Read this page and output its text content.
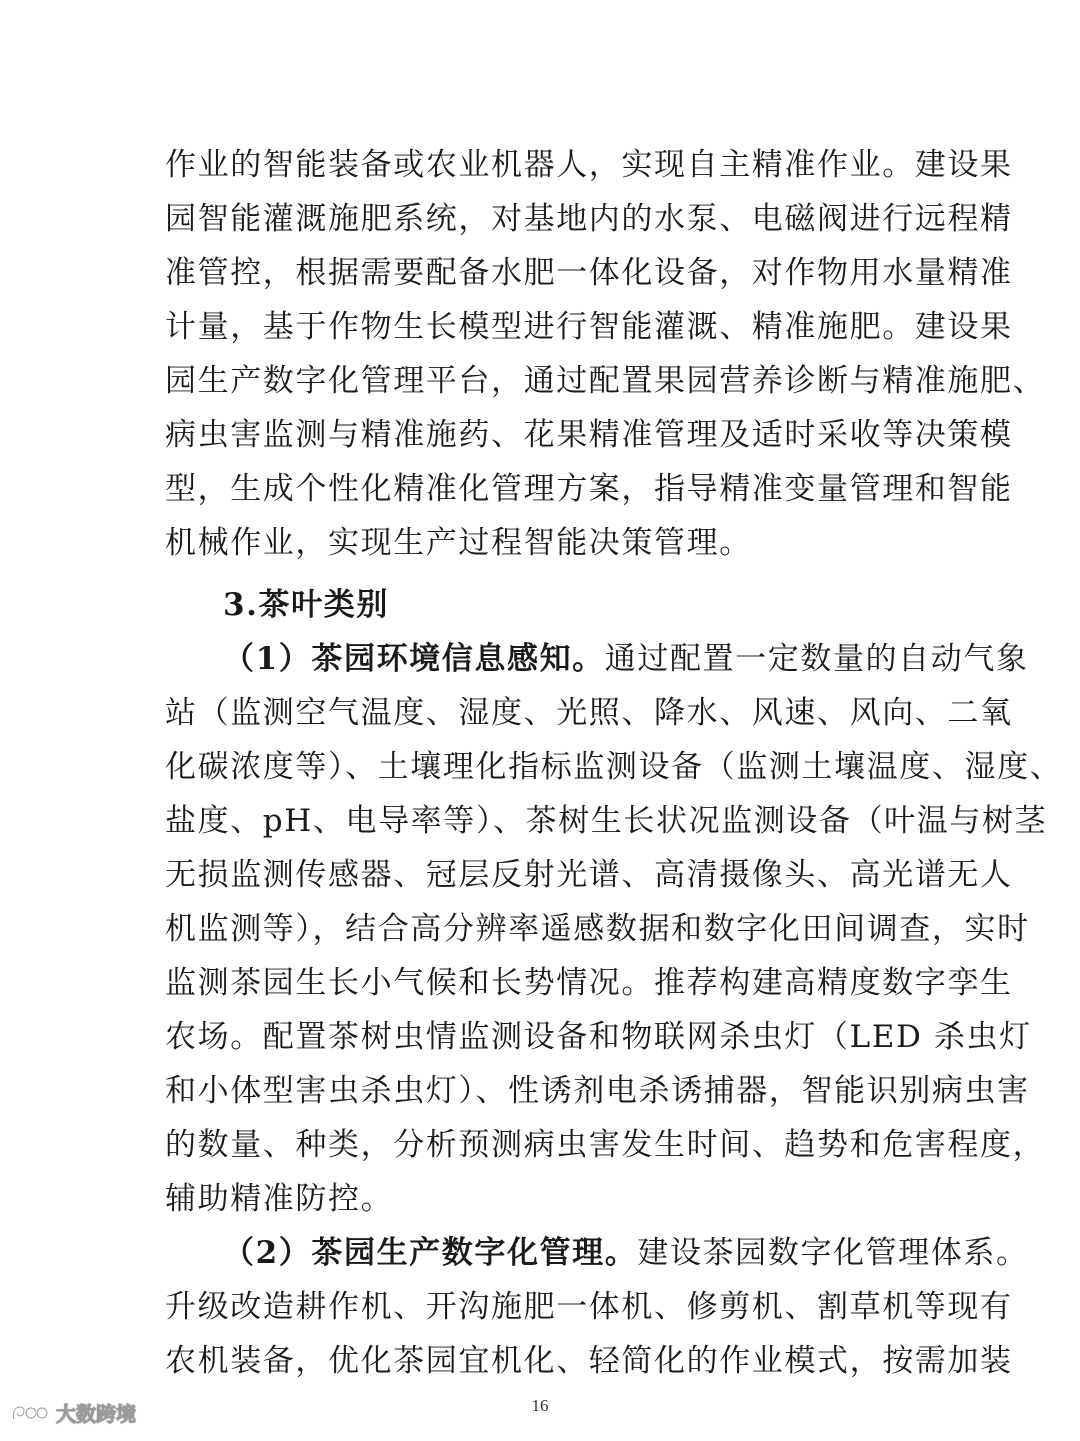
作业的智能装备或农业机器人，实现自主精准作业。建设果
园智能灌溉施肥系统，对基地内的水泵、电磁阀进行远程精
准管控，根据需要配备水肥一体化设备，对作物用水量精准
计量，基于作物生长模型进行智能灌溉、精准施肥。建设果
园生产数字化管理平台，通过配置果园营养诊断与精准施肥、
病虫害监测与精准施药、花果精准管理及适时采收等决策模
型，生成个性化精准化管理方案，指导精准变量管理和智能
机械作业，实现生产过程智能决策管理。
3.茶叶类别
（1）茶园环境信息感知。通过配置一定数量的自动气象
站（监测空气温度、湿度、光照、降水、风速、风向、二氧
化碳浓度等）、土壤理化指标监测设备（监测土壤温度、湿度、
盐度、pH、电导率等）、茶树生长状况监测设备（叶温与树茎
无损监测传感器、冠层反射光谱、高清摄像头、高光谱无人
机监测等），结合高分辨率遥感数据和数字化田间调查，实时
监测茶园生长小气候和长势情况。推荐构建高精度数字孪生
农场。配置茶树虫情监测设备和物联网杀虫灯（LED 杀虫灯
和小体型害虫杀虫灯）、性诱剂电杀诱捕器，智能识别病虫害
的数量、种类，分析预测病虫害发生时间、趋势和危害程度，
辅助精准防控。
（2）茶园生产数字化管理。建设茶园数字化管理体系。
升级改造耕作机、开沟施肥一体机、修剪机、割草机等现有
农机装备，优化茶园宜机化、轻简化的作业模式，按需加装
16
大数跨境
